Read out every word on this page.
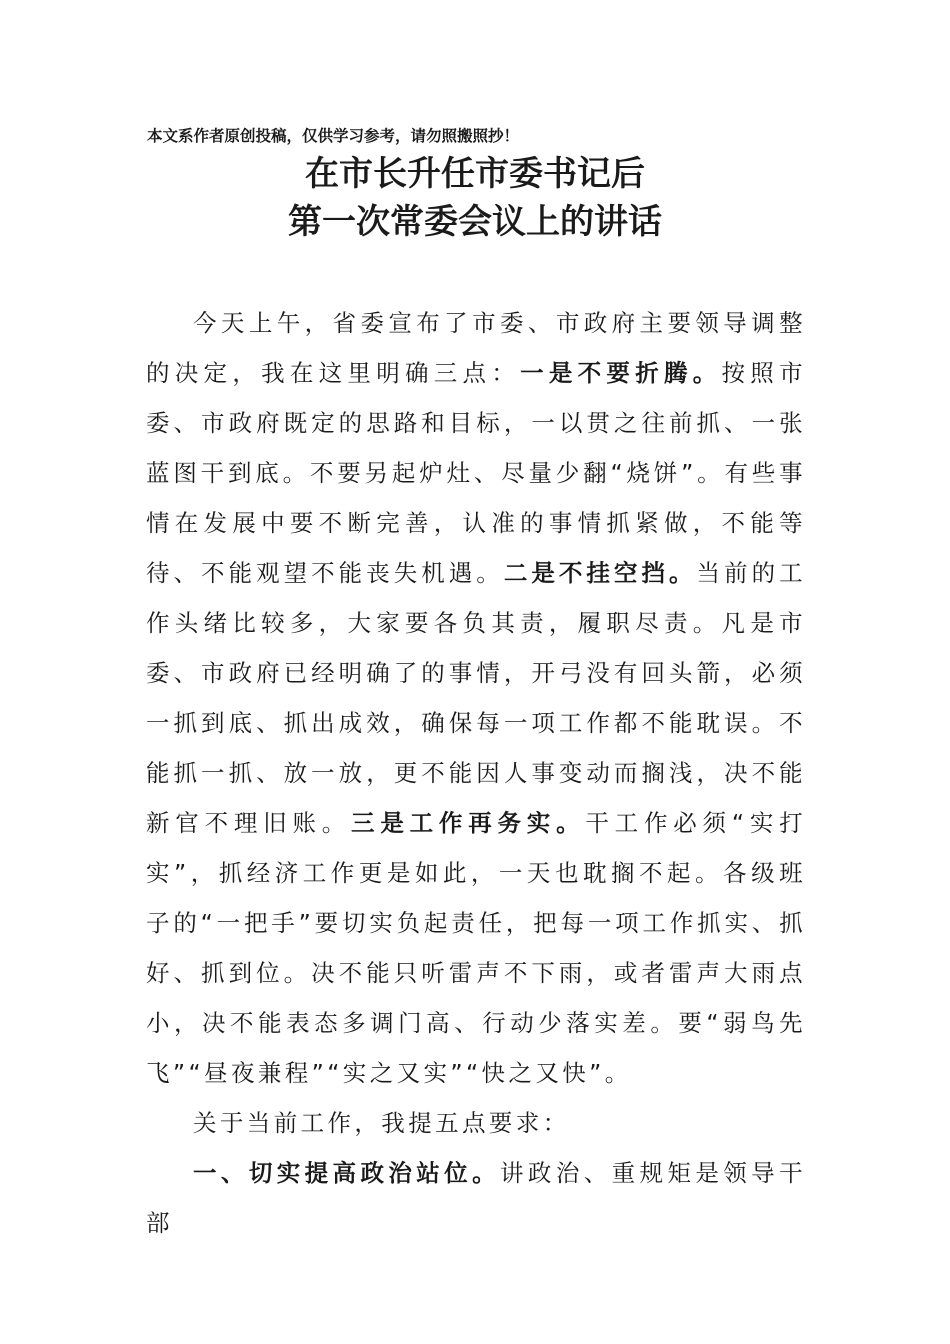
本文系作者原创投稿，仅供学习参考，请勿照搬照抄！
在市长升任市委书记后
第一次常委会议上的讲话

今天上午，省委宣布了市委、市政府主要领导调整的决定，我在这里明确三点：一是不要折腾。按照市委、市政府既定的思路和目标，一以贯之往前抓、一张蓝图干到底。不要另起炉灶、尽量少翻“烧饼”。有些事情在发展中要不断完善，认准的事情抓紧做，不能等待、不能观望不能丧失机遇。二是不挂空挡。当前的工作头绪比较多，大家要各负其责，履职尽责。凡是市委、市政府已经明确了的事情，开弓没有回头箭，必须一抓到底、抓出成效，确保每一项工作都不能耽误。不能抓一抓、放一放，更不能因人事变动而搁浅，决不能新官不理旧账。三是工作再务实。干工作必须“实打实”，抓经济工作更是如此，一天也耽搁不起。各级班子的“一把手”要切实负起责任，把每一项工作抓实、抓好、抓到位。决不能只听雷声不下雨，或者雷声大雨点小，决不能表态多调门高、行动少落实差。要“弱鸟先飞”“昼夜兼程”“实之又实”“快之又快”。

关于当前工作，我提五点要求：

一、切实提高政治站位。讲政治、重规矩是领导干部
